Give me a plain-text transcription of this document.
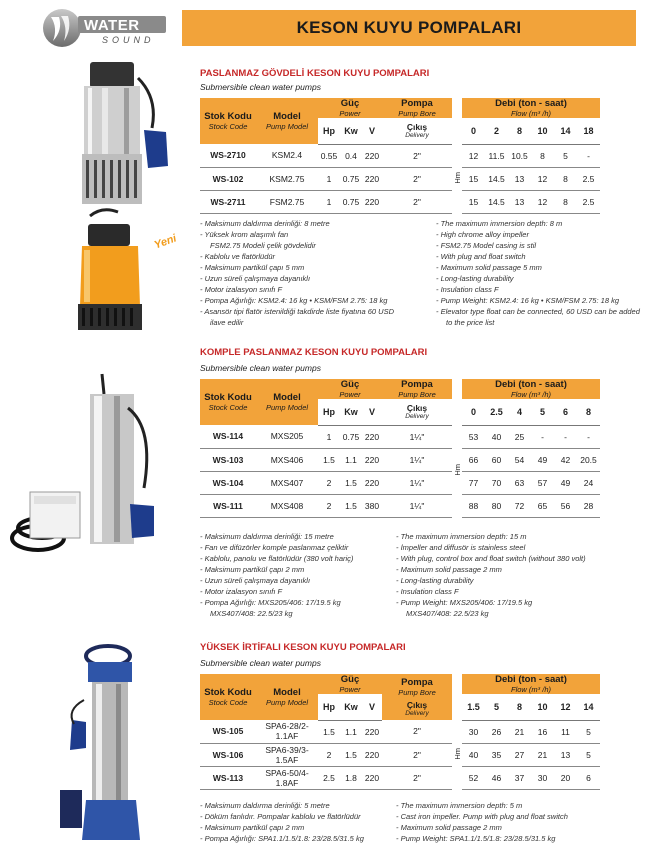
WATER
SOUND
KESON KUYU POMPALARI
Yeni
PASLANMAZ GÖVDELİ KESON KUYU POMPALARI
Submersible clean water pumps
Stok Kodu
Stock Code	Model
Pump Model	Güç
Power			Pompa
Pump Bore		Debi (ton - saat)
Flow (m³ /h)					

		Hp	Kw	V	Çıkış
Delivery		0	2	8	10	14	18
WS-2710	KSM2.4	0.55	0.4	220	2"	Hm	12	11.5	10.5	8	5	-
WS-102	KSM2.75	1	0.75	220	2"		15	14.5	13	12	8	2.5
WS-2711	FSM2.75	1	0.75	220	2"		15	14.5	13	12	8	2.5
- Maksimum daldırma derinliği: 8 metre
- Yüksek krom alaşımlı fan
FSM2.75 Modeli çelik gövdelidir
- Kablolu ve flatörlüdür
- Maksimum partikül çapı 5 mm
- Uzun süreli çalışmaya dayanıklı
- Motor izalasyon sınıfı F
- Pompa Ağırlığı: KSM2.4: 16 kg • KSM/FSM 2.75: 18 kg
- Asansör tipi flatör istenildiği takdirde liste fiyatına 60 USD
ilave edilir
- The maximum immersion depth: 8 m
- High chrome alloy impeller
- FSM2.75 Model casing is stil
- With plug and float switch
- Maximum solid passage 5 mm
- Long-lasting durability
- Insulation class F
- Pump Weight: KSM2.4: 16 kg • KSM/FSM 2.75: 18 kg
- Elevator type float can be connected, 60 USD can be added
to the price list
KOMPLE PASLANMAZ KESON KUYU POMPALARI
Submersible clean water pumps
Stok Kodu
Stock Code	Model
Pump Model	Güç
Power			Pompa
Pump Bore		Debi (ton - saat)
Flow (m³ /h)					

		Hp	Kw	V	Çıkış
Delivery		0	2.5	4	5	6	8
WS-114	MXS205	1	0.75	220	1¼"	Hm	53	40	25	-	-	-
WS-103	MXS406	1.5	1.1	220	1¼"		66	60	54	49	42	20.5
WS-104	MXS407	2	1.5	220	1¼"		77	70	63	57	49	24
WS-111	MXS408	2	1.5	380	1¼"		88	80	72	65	56	28
- Maksimum daldırma derinliği: 15 metre
- Fan ve difüzörler komple paslanmaz çeliktir
- Kablolu, panolu ve flatörlüdür (380 volt hariç)
- Maksimum partikül çapı 2 mm
- Uzun süreli çalışmaya dayanıklı
- Motor izalasyon sınıfı F
- Pompa Ağırlığı: MXS205/406: 17/19.5 kg
MXS407/408: 22.5/23 kg
- The maximum immersion depth: 15 m
- İmpeller and diffusör is stainless steel
- With plug, control box and float switch (without 380 volt)
- Maximum solid passage 2 mm
- Long-lasting durability
- Insulation class F
- Pump Weight: MXS205/406: 17/19.5 kg
MXS407/408: 22.5/23 kg
YÜKSEK İRTİFALI KESON KUYU POMPALARI
Submersible clean water pumps
Stok Kodu
Stock Code	Model
Pump Model	Güç
Power			Pompa
Pump Bore
Çıkış
Delivery		Debi (ton - saat)
Flow (m³ /h)					

		Hp	Kw	V			1.5	5	8	10	12	14
WS-105	SPA6-28/2-1.1AF	1.5	1.1	220	2"	Hm	30	26	21	16	11	5
WS-106	SPA6-39/3-1.5AF	2	1.5	220	2"		40	35	27	21	13	5
WS-113	SPA6-50/4-1.8AF	2.5	1.8	220	2"		52	46	37	30	20	6
- Maksimum daldırma derinliği: 5 metre
- Döküm fanlıdır. Pompalar kablolu ve flatörlüdür
- Maksimum partikül çapı 2 mm
- Pompa Ağırlığı: SPA1.1/1.5/1.8: 23/28.5/31.5 kg
- The maximum immersion depth: 5 m
- Cast iron impeller. Pump with plug and float switch
- Maximum solid passage 2 mm
- Pump Weight: SPA1.1/1.5/1.8: 23/28.5/31.5 kg
